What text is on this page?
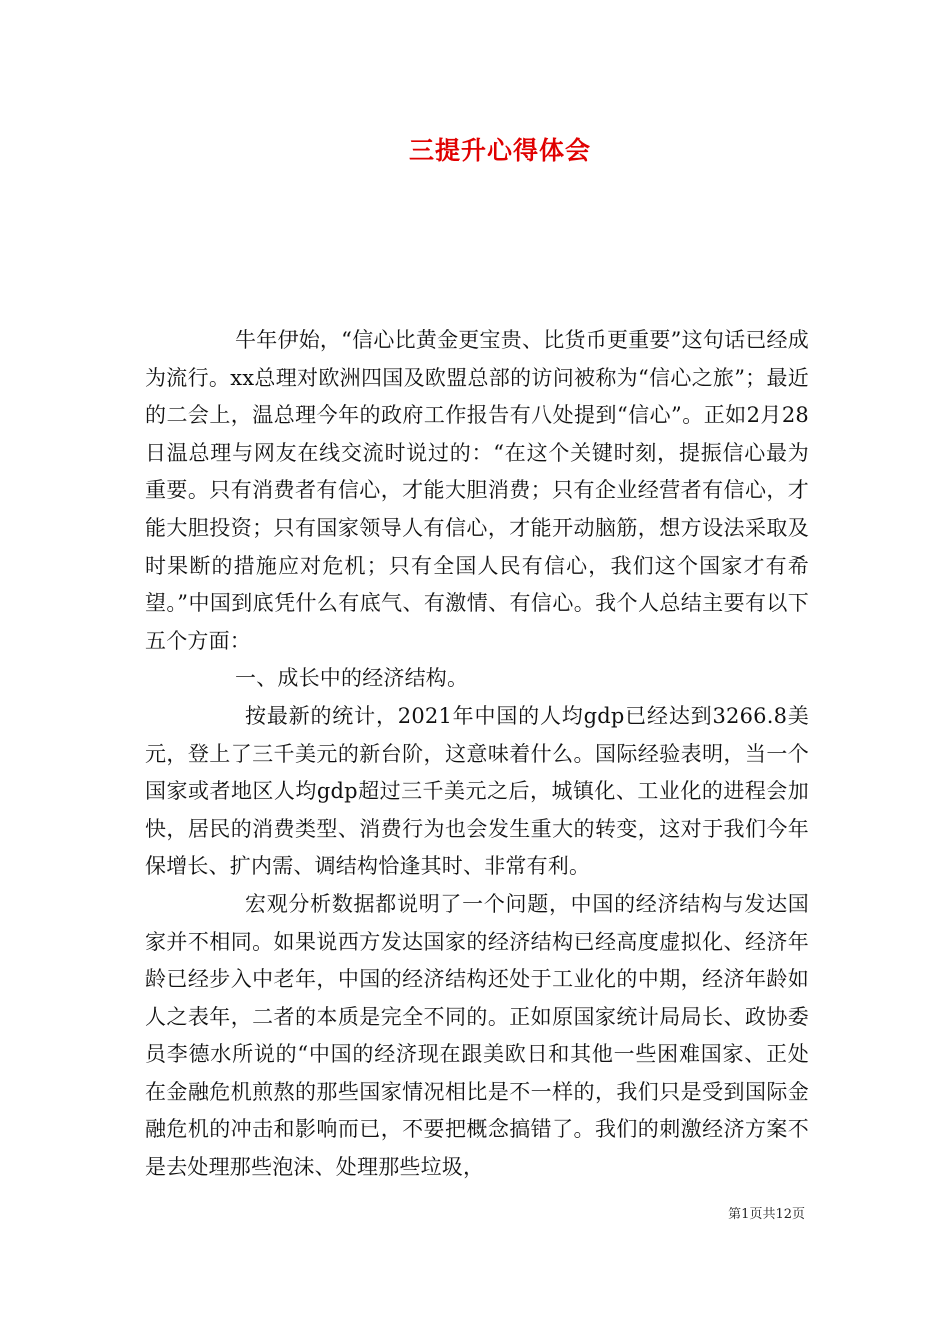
三提升心得体会

牛年伊始，“信心比黄金更宝贵、比货币更重要”这句话已经成为流行。xx总理对欧洲四国及欧盟总部的访问被称为“信心之旅”；最近的二会上，温总理今年的政府工作报告有八处提到“信心”。正如2月28日温总理与网友在线交流时说过的：“在这个关键时刻，提振信心最为重要。只有消费者有信心，才能大胆消费；只有企业经营者有信心，才能大胆投资；只有国家领导人有信心，才能开动脑筋，想方设法采取及时果断的措施应对危机；只有全国人民有信心，我们这个国家才有希望。”中国到底凭什么有底气、有激情、有信心。我个人总结主要有以下五个方面：

一、成长中的经济结构。

按最新的统计，2021年中国的人均gdp已经达到3266.8美元，登上了三千美元的新台阶，这意味着什么。国际经验表明，当一个国家或者地区人均gdp超过三千美元之后，城镇化、工业化的进程会加快，居民的消费类型、消费行为也会发生重大的转变，这对于我们今年保增长、扩内需、调结构恰逢其时、非常有利。

宏观分析数据都说明了一个问题，中国的经济结构与发达国家并不相同。如果说西方发达国家的经济结构已经高度虚拟化、经济年龄已经步入中老年，中国的经济结构还处于工业化的中期，经济年龄如人之表年，二者的本质是完全不同的。正如原国家统计局局长、政协委员李德水所说的“中国的经济现在跟美欧日和其他一些困难国家、正处在金融危机煎熬的那些国家情况相比是不一样的，我们只是受到国际金融危机的冲击和影响而已，不要把概念搞错了。我们的刺激经济方案不是去处理那些泡沫、处理那些垃圾，

第1页共12页
